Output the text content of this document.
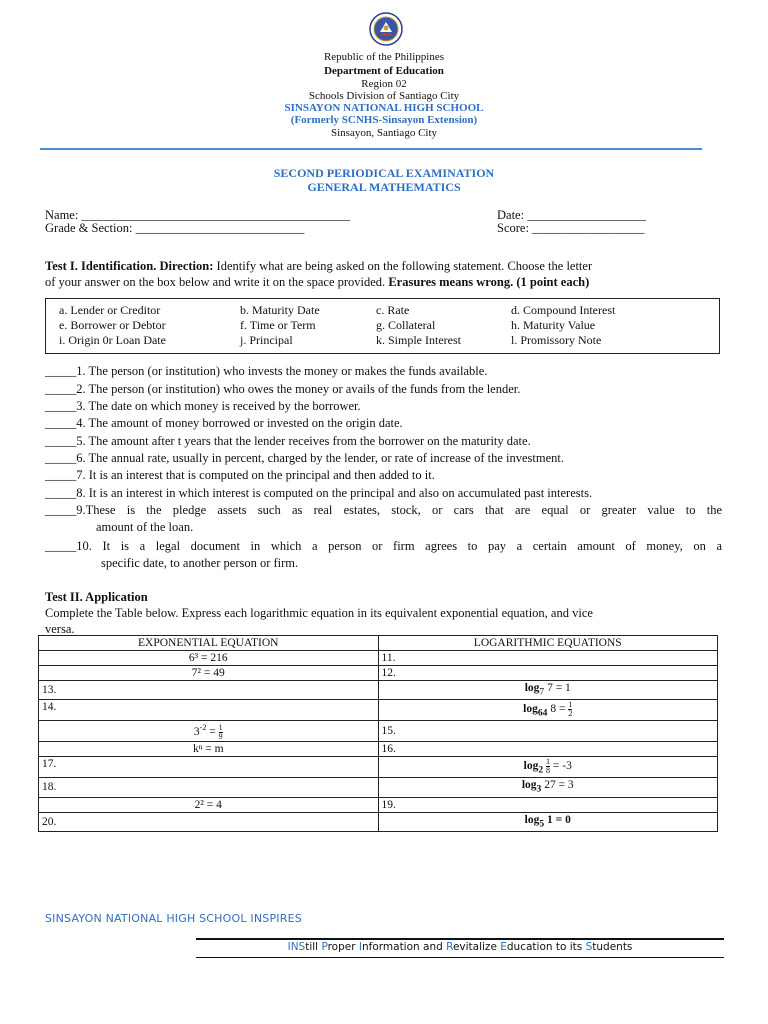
Republic of the Philippines
Department of Education
Region 02
Schools Division of Santiago City
SINSAYON NATIONAL HIGH SCHOOL
(Formerly SCNHS-Sinsayon Extension)
Sinsayon, Santiago City
SECOND PERIODICAL EXAMINATION
GENERAL MATHEMATICS
Name: ___________________________________________	Date: ___________________
Grade & Section: ___________________________	Score: __________________
Test I. Identification. Direction: Identify what are being asked on the following statement. Choose the letter
of your answer on the box below and write it on the space provided. Erasures means wrong. (1 point each)
a. Lender or Creditor	b. Maturity Date	c. Rate	d. Compound Interest
e. Borrower or Debtor	f. Time or Term	g. Collateral	h. Maturity Value
i. Origin 0r Loan Date	j. Principal	k. Simple Interest	l. Promissory Note
_____1. The person (or institution) who invests the money or makes the funds available.
_____2. The person (or institution) who owes the money or avails of the funds from the lender.
_____3. The date on which money is received by the borrower.
_____4. The amount of money borrowed or invested on the origin date.
_____5. The amount after t years that the lender receives from the borrower on the maturity date.
_____6. The annual rate, usually in percent, charged by the lender, or rate of increase of the investment.
_____7. It is an interest that is computed on the principal and then added to it.
_____8. It is an interest in which interest is computed on the principal and also on accumulated past interests.
_____9.These is the pledge assets such as real estates, stock, or cars that are equal or greater value to the
amount of the loan.
_____10. It is a legal document in which a person or firm agrees to pay a certain amount of money, on a
specific date, to another person or firm.
Test II. Application
Complete the Table below. Express each logarithmic equation in its equivalent exponential equation, and vice
versa.
EXPONENTIAL EQUATION	LOGARITHMIC EQUATIONS
6³ = 216	11.
7² = 49	12.
13.	$\log_7 7 = 1$
14.	$\log_{64} 8 = \frac{1}{2}$

$3^{-2} = \frac{1}{9}$	15.
kⁿ = m	16.
17.	$\log_2 \frac{1}{8} = -3$
18.	$\log_3 27 = 3$
2² = 4	19.
20.	$\log_5 1 = 0$
SINSAYON NATIONAL HIGH SCHOOL INSPIRES
INStill Proper Information and Revitalize Education to its Students
